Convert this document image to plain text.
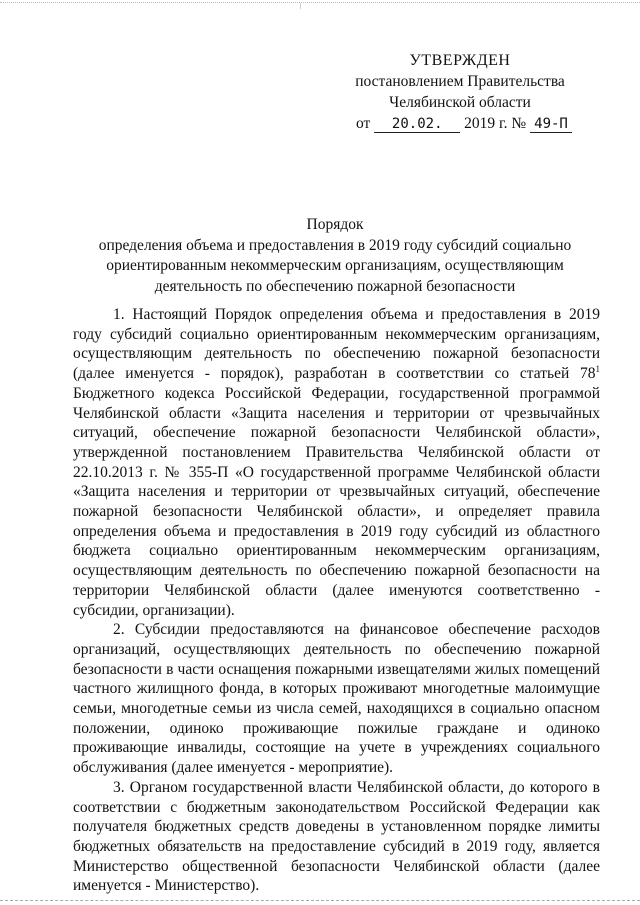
УТВЕРЖДЕН
постановлением Правительства
Челябинской области
от 20.02. 2019 г. № 49-П
Порядок
определения объема и предоставления в 2019 году субсидий социально
ориентированным некоммерческим организациям, осуществляющим
деятельность по обеспечению пожарной безопасности

1. Настоящий Порядок определения объема и предоставления в 2019 году субсидий социально ориентированным некоммерческим организациям, осуществляющим деятельность по обеспечению пожарной безопасности (далее именуется - порядок), разработан в соответствии со статьей $78^1$ Бюджетного кодекса Российской Федерации, государственной программой Челябинской области «Защита населения и территории от чрезвычайных ситуаций, обеспечение пожарной безопасности Челябинской области», утвержденной постановлением Правительства Челябинской области от 22.10.2013 г. № 355-П «О государственной программе Челябинской области «Защита населения и территории от чрезвычайных ситуаций, обеспечение пожарной безопасности Челябинской области», и определяет правила определения объема и предоставления в 2019 году субсидий из областного бюджета социально ориентированным некоммерческим организациям, осуществляющим деятельность по обеспечению пожарной безопасности на территории Челябинской области (далее именуются соответственно - субсидии, организации).

2. Субсидии предоставляются на финансовое обеспечение расходов организаций, осуществляющих деятельность по обеспечению пожарной безопасности в части оснащения пожарными извещателями жилых помещений частного жилищного фонда, в которых проживают многодетные малоимущие семьи, многодетные семьи из числа семей, находящихся в социально опасном положении, одиноко проживающие пожилые граждане и одиноко проживающие инвалиды, состоящие на учете в учреждениях социального обслуживания (далее именуется - мероприятие).

3. Органом государственной власти Челябинской области, до которого в соответствии с бюджетным законодательством Российской Федерации как получателя бюджетных средств доведены в установленном порядке лимиты бюджетных обязательств на предоставление субсидий в 2019 году, является Министерство общественной безопасности Челябинской области (далее именуется - Министерство).
